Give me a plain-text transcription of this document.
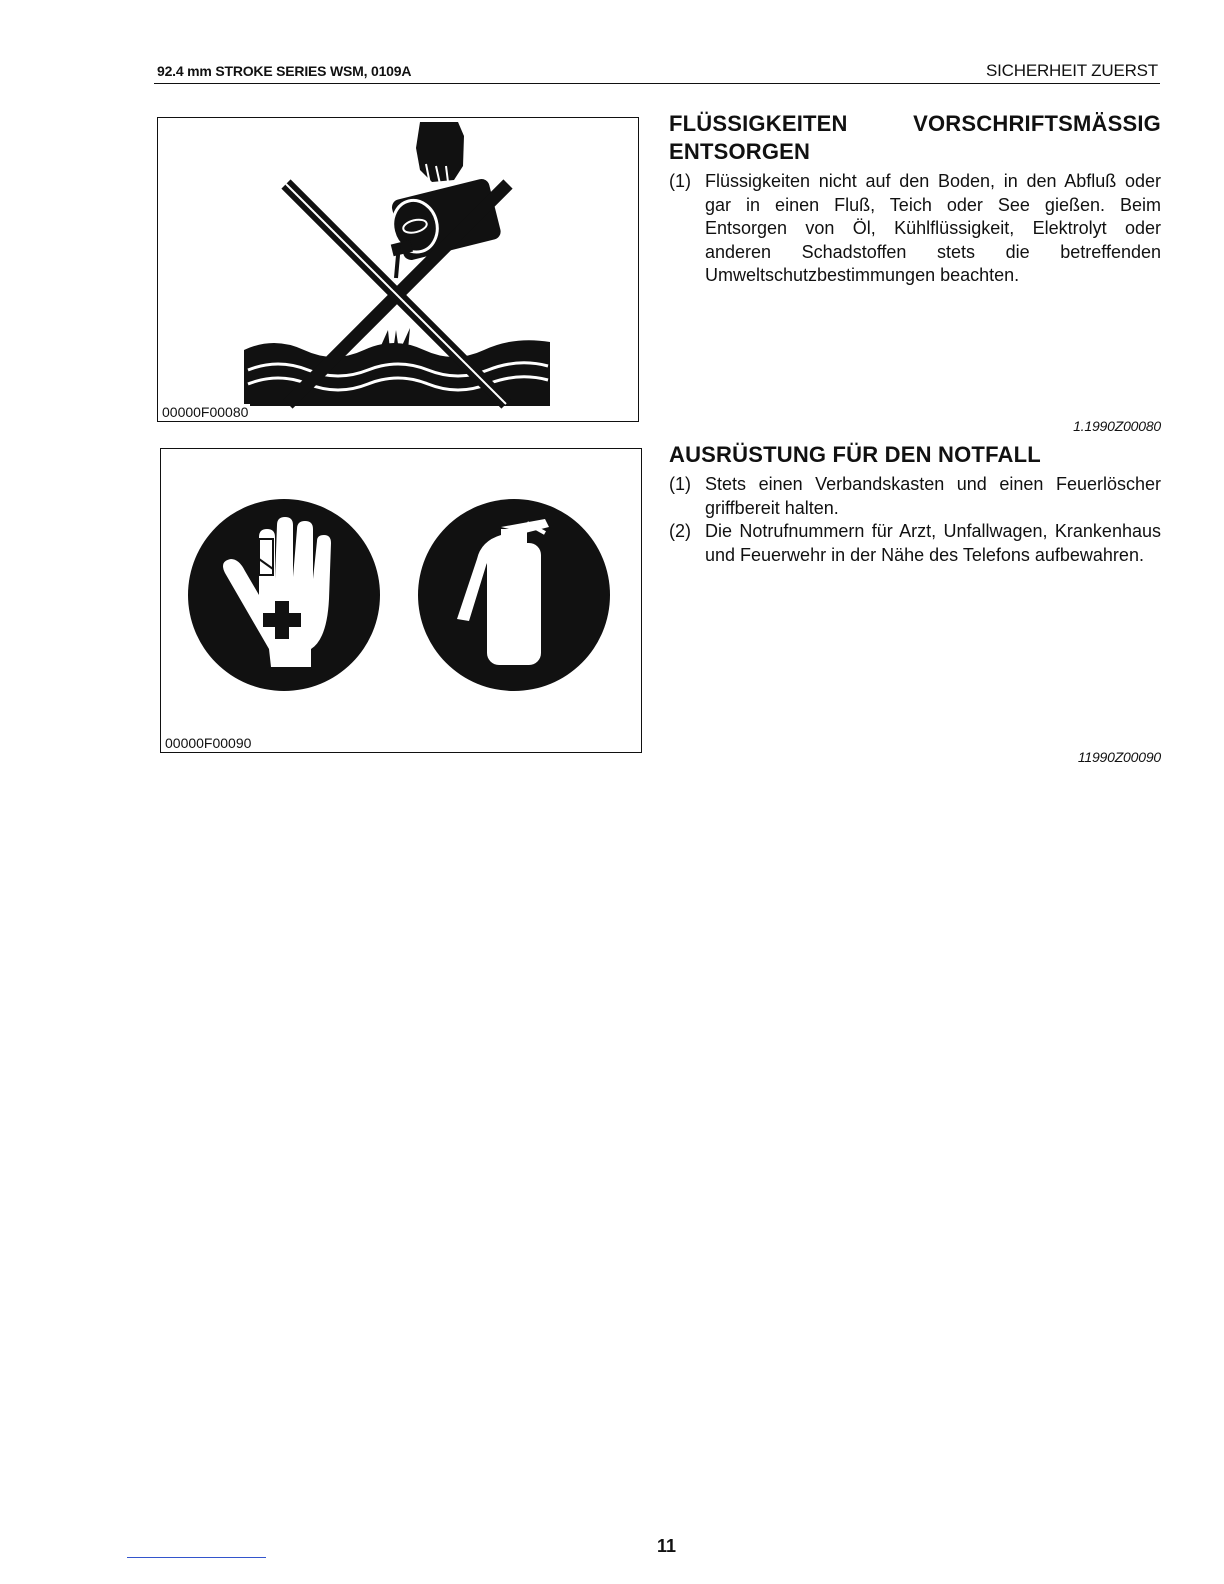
92.4 mm STROKE SERIES WSM, 0109A	SICHERHEIT ZUERST
00000F00080
00000F00090
FLÜSSIGKEITEN	VORSCHRIFTSMÄSSIG
ENTSORGEN
(1) Flüssigkeiten nicht auf den Boden, in den Abfluß oder gar in einen Fluß, Teich oder See gießen. Beim Entsorgen von Öl, Kühlflüssigkeit, Elektrolyt oder anderen Schadstoffen stets die betreffenden Umweltschutzbestimmungen beachten.
1.1990Z00080
AUSRÜSTUNG FÜR DEN NOTFALL
(1) Stets einen Verbandskasten und einen Feuerlöscher griffbereit halten.
(2) Die Notrufnummern für Arzt, Unfallwagen, Krankenhaus und Feuerwehr in der Nähe des Telefons aufbewahren.
11990Z00090
11
